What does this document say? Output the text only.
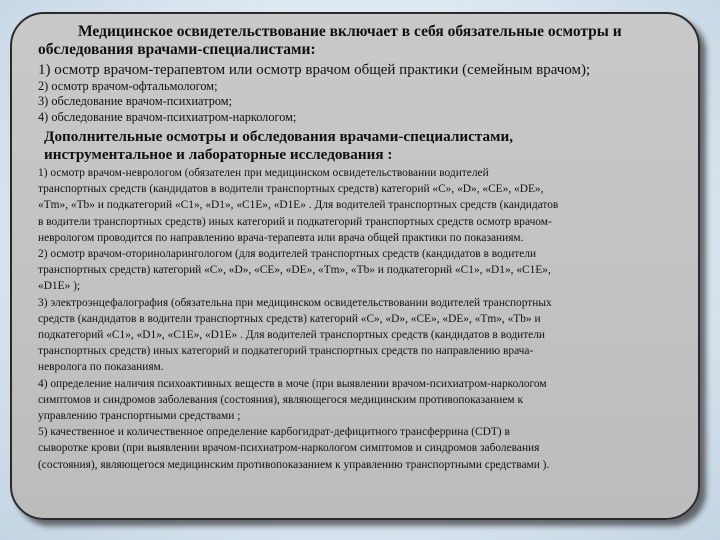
Медицинское освидетельствование включает в себя обязательные осмотры и
обследования врачами-специалистами:
1) осмотр врачом-терапевтом или осмотр врачом общей практики (семейным врачом);
2) осмотр врачом-офтальмологом;
3) обследование врачом-психиатром;
4) обследование врачом-психиатром-наркологом;
Дополнительные осмотры и обследования врачами-специалистами,
инструментальное и лабораторные исследования :
1) осмотр врачом-неврологом (обязателен при медицинском освидетельствовании водителей
транспортных средств (кандидатов в водители транспортных средств) категорий «C», «D», «CE», «DE»,
«Tm», «Tb» и подкатегорий «C1», «D1», «C1E», «D1E» . Для водителей транспортных средств (кандидатов
в водители транспортных средств) иных категорий и подкатегорий транспортных средств осмотр врачом-
неврологом проводится по направлению врача-терапевта или врача общей практики по показаниям.
2) осмотр врачом-оториноларингологом (для водителей транспортных средств (кандидатов в водители
транспортных средств) категорий «C», «D», «CE», «DE», «Tm», «Tb» и подкатегорий «C1», «D1», «C1E»,
«D1E» );
3) электроэнцефалография (обязательна при медицинском освидетельствовании водителей транспортных
средств (кандидатов в водители транспортных средств) категорий «C», «D», «CE», «DE», «Tm», «Tb» и
подкатегорий «C1», «D1», «C1E», «D1E» . Для водителей транспортных средств (кандидатов в водители
транспортных средств) иных категорий и подкатегорий транспортных средств по направлению врача-
невролога по показаниям.
4) определение наличия психоактивных веществ в моче (при выявлении врачом-психиатром-наркологом
симптомов и синдромов заболевания (состояния), являющегося медицинским противопоказанием к
управлению транспортными средствами ;
5) качественное и количественное определение карбогидрат-дефицитного трансферрина (CDT) в
сыворотке крови (при выявлении врачом-психиатром-наркологом симптомов и синдромов заболевания
(состояния), являющегося медицинским противопоказанием к управлению транспортными средствами ).
